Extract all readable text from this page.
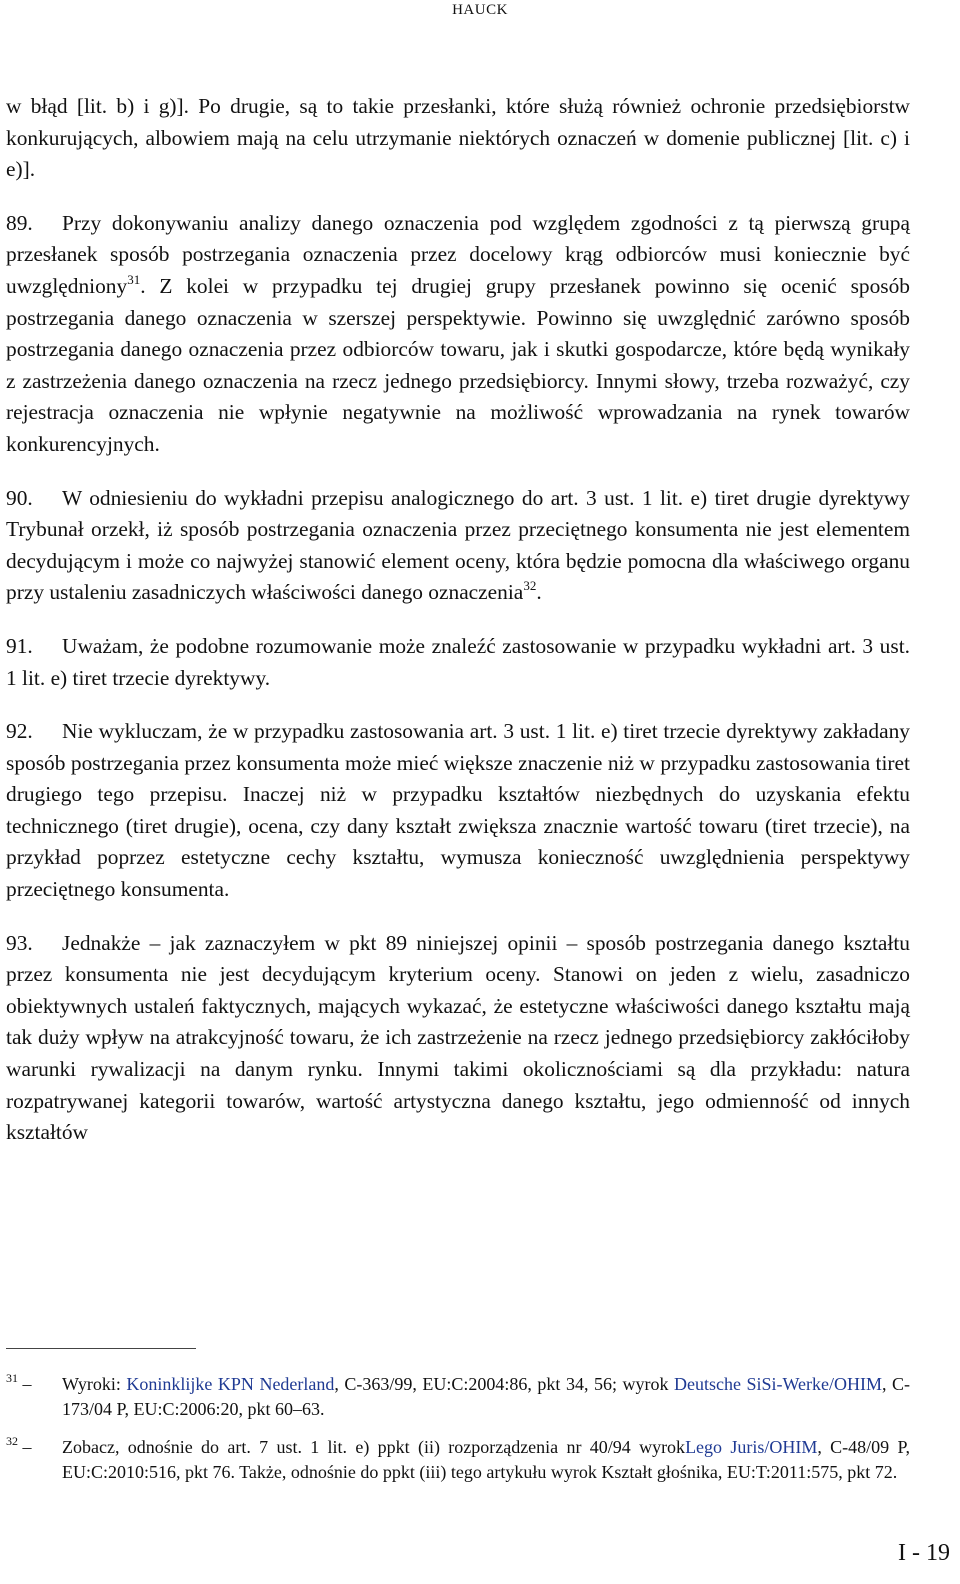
HAUCK

w błąd [lit. b) i g)]. Po drugie, są to takie przesłanki, które służą również ochronie przedsiębiorstw konkurujących, albowiem mają na celu utrzymanie niektórych oznaczeń w domenie publicznej [lit. c) i e)].

89. Przy dokonywaniu analizy danego oznaczenia pod względem zgodności z tą pierwszą grupą przesłanek sposób postrzegania oznaczenia przez docelowy krąg odbiorców musi koniecznie być uwzględniony$^{31}$. Z kolei w przypadku tej drugiej grupy przesłanek powinno się ocenić sposób postrzegania danego oznaczenia w szerszej perspektywie. Powinno się uwzględnić zarówno sposób postrzegania danego oznaczenia przez odbiorców towaru, jak i skutki gospodarcze, które będą wynikały z zastrzeżenia danego oznaczenia na rzecz jednego przedsiębiorcy. Innymi słowy, trzeba rozważyć, czy rejestracja oznaczenia nie wpłynie negatywnie na możliwość wprowadzania na rynek towarów konkurencyjnych.

90. W odniesieniu do wykładni przepisu analogicznego do art. 3 ust. 1 lit. e) tiret drugie dyrektywy Trybunał orzekł, iż sposób postrzegania oznaczenia przez przeciętnego konsumenta nie jest elementem decydującym i może co najwyżej stanowić element oceny, która będzie pomocna dla właściwego organu przy ustaleniu zasadniczych właściwości danego oznaczenia$^{32}$.

91. Uważam, że podobne rozumowanie może znaleźć zastosowanie w przypadku wykładni art. 3 ust. 1 lit. e) tiret trzecie dyrektywy.

92. Nie wykluczam, że w przypadku zastosowania art. 3 ust. 1 lit. e) tiret trzecie dyrektywy zakładany sposób postrzegania przez konsumenta może mieć większe znaczenie niż w przypadku zastosowania tiret drugiego tego przepisu. Inaczej niż w przypadku kształtów niezbędnych do uzyskania efektu technicznego (tiret drugie), ocena, czy dany kształt zwiększa znacznie wartość towaru (tiret trzecie), na przykład poprzez estetyczne cechy kształtu, wymusza konieczność uwzględnienia perspektywy przeciętnego konsumenta.

93. Jednakże – jak zaznaczyłem w pkt 89 niniejszej opinii – sposób postrzegania danego kształtu przez konsumenta nie jest decydującym kryterium oceny. Stanowi on jeden z wielu, zasadniczo obiektywnych ustaleń faktycznych, mających wykazać, że estetyczne właściwości danego kształtu mają tak duży wpływ na atrakcyjność towaru, że ich zastrzeżenie na rzecz jednego przedsiębiorcy zakłóciłoby warunki rywalizacji na danym rynku. Innymi takimi okolicznościami są dla przykładu: natura rozpatrywanej kategorii towarów, wartość artystyczna danego kształtu, jego odmienność od innych kształtów

$^{31}$ –	Wyroki: Koninklijke KPN Nederland, C-363/99, EU:C:2004:86, pkt 34, 56; wyrok Deutsche SiSi-Werke/OHIM, C-173/04 P, EU:C:2006:20, pkt 60–63.
$^{32}$ –	Zobacz, odnośnie do art. 7 ust. 1 lit. e) ppkt (ii) rozporządzenia nr 40/94 wyrokLego Juris/OHIM, C-48/09 P, EU:C:2010:516, pkt 76. Także, odnośnie do ppkt (iii) tego artykułu wyrok Kształt głośnika, EU:T:2011:575, pkt 72.
I - 19
